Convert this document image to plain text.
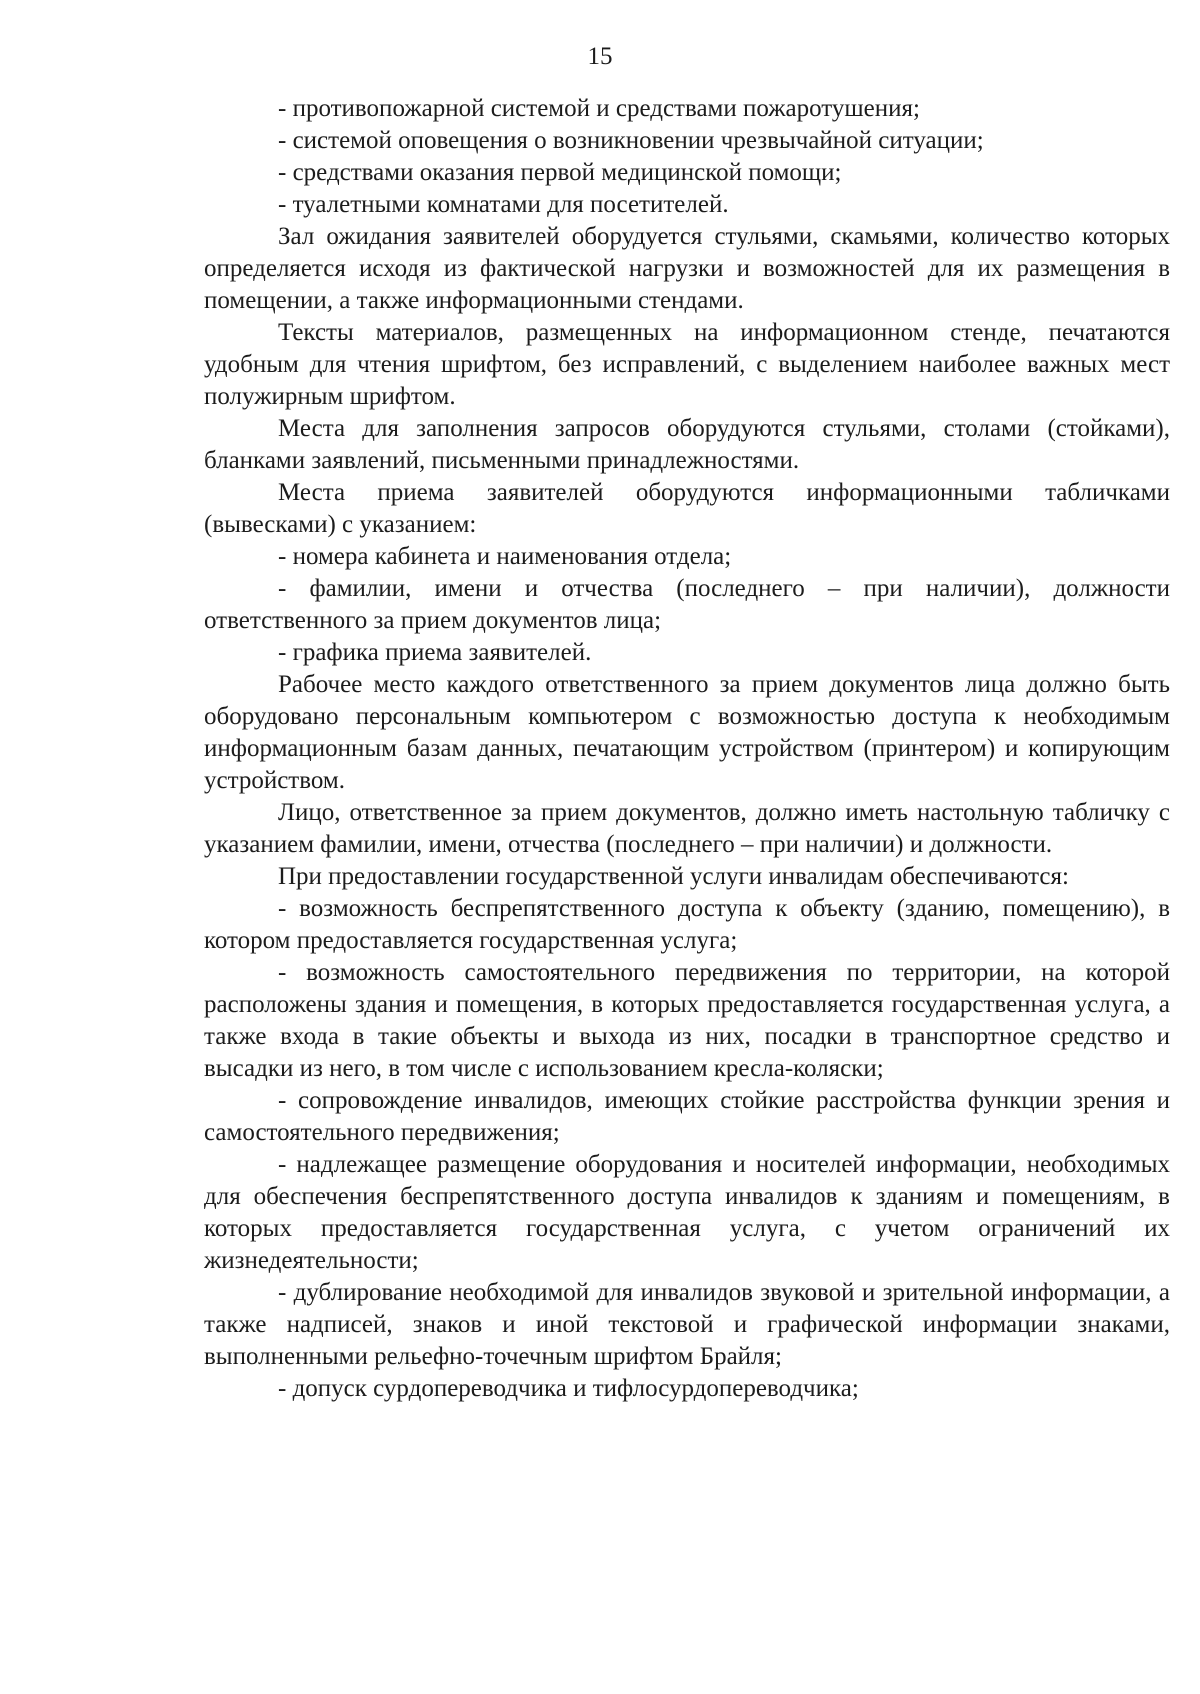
15

- противопожарной системой и средствами пожаротушения;

- системой оповещения о возникновении чрезвычайной ситуации;

- средствами оказания первой медицинской помощи;

- туалетными комнатами для посетителей.

Зал ожидания заявителей оборудуется стульями, скамьями, количество которых определяется исходя из фактической нагрузки и возможностей для их размещения в помещении, а также информационными стендами.

Тексты материалов, размещенных на информационном стенде, печатаются удобным для чтения шрифтом, без исправлений, с выделением наиболее важных мест полужирным шрифтом.

Места для заполнения запросов оборудуются стульями, столами (стойками), бланками заявлений, письменными принадлежностями.

Места приема заявителей оборудуются информационными табличками (вывесками) с указанием:

- номера кабинета и наименования отдела;

- фамилии, имени и отчества (последнего – при наличии), должности ответственного за прием документов лица;

- графика приема заявителей.

Рабочее место каждого ответственного за прием документов лица должно быть оборудовано персональным компьютером с возможностью доступа к необходимым информационным базам данных, печатающим устройством (принтером) и копирующим устройством.

Лицо, ответственное за прием документов, должно иметь настольную табличку с указанием фамилии, имени, отчества (последнего – при наличии) и должности.

При предоставлении государственной услуги инвалидам обеспечиваются:

- возможность беспрепятственного доступа к объекту (зданию, помещению), в котором предоставляется государственная услуга;

- возможность самостоятельного передвижения по территории, на которой расположены здания и помещения, в которых предоставляется государственная услуга, а также входа в такие объекты и выхода из них, посадки в транспортное средство и высадки из него, в том числе с использованием кресла-коляски;

- сопровождение инвалидов, имеющих стойкие расстройства функции зрения и самостоятельного передвижения;

- надлежащее размещение оборудования и носителей информации, необходимых для обеспечения беспрепятственного доступа инвалидов к зданиям и помещениям, в которых предоставляется государственная услуга, с учетом ограничений их жизнедеятельности;

- дублирование необходимой для инвалидов звуковой и зрительной информации, а также надписей, знаков и иной текстовой и графической информации знаками, выполненными рельефно-точечным шрифтом Брайля;

- допуск сурдопереводчика и тифлосурдопереводчика;
